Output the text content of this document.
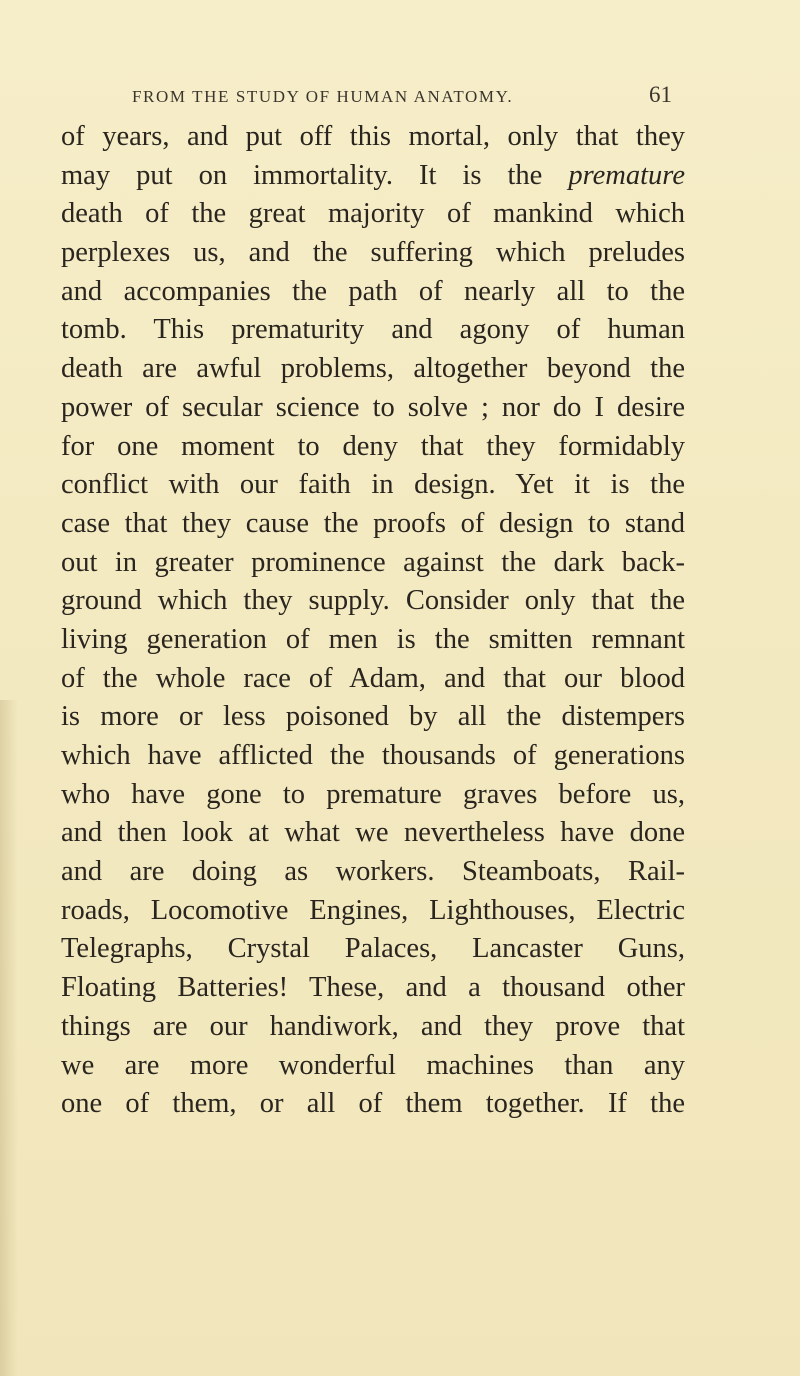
FROM THE STUDY OF HUMAN ANATOMY.	61
of years, and put off this mortal, only that they
may put on immortality. It is the premature
death of the great majority of mankind which
perplexes us, and the suffering which preludes
and accompanies the path of nearly all to the
tomb. This prematurity and agony of human
death are awful problems, altogether beyond the
power of secular science to solve ; nor do I desire
for one moment to deny that they formidably
conflict with our faith in design. Yet it is the
case that they cause the proofs of design to stand
out in greater prominence against the dark back-
ground which they supply. Consider only that the
living generation of men is the smitten remnant
of the whole race of Adam, and that our blood
is more or less poisoned by all the distempers
which have afflicted the thousands of generations
who have gone to premature graves before us,
and then look at what we nevertheless have done
and are doing as workers. Steamboats, Rail-
roads, Locomotive Engines, Lighthouses, Electric
Telegraphs, Crystal Palaces, Lancaster Guns,
Floating Batteries! These, and a thousand other
things are our handiwork, and they prove that
we are more wonderful machines than any
one of them, or all of them together. If the
